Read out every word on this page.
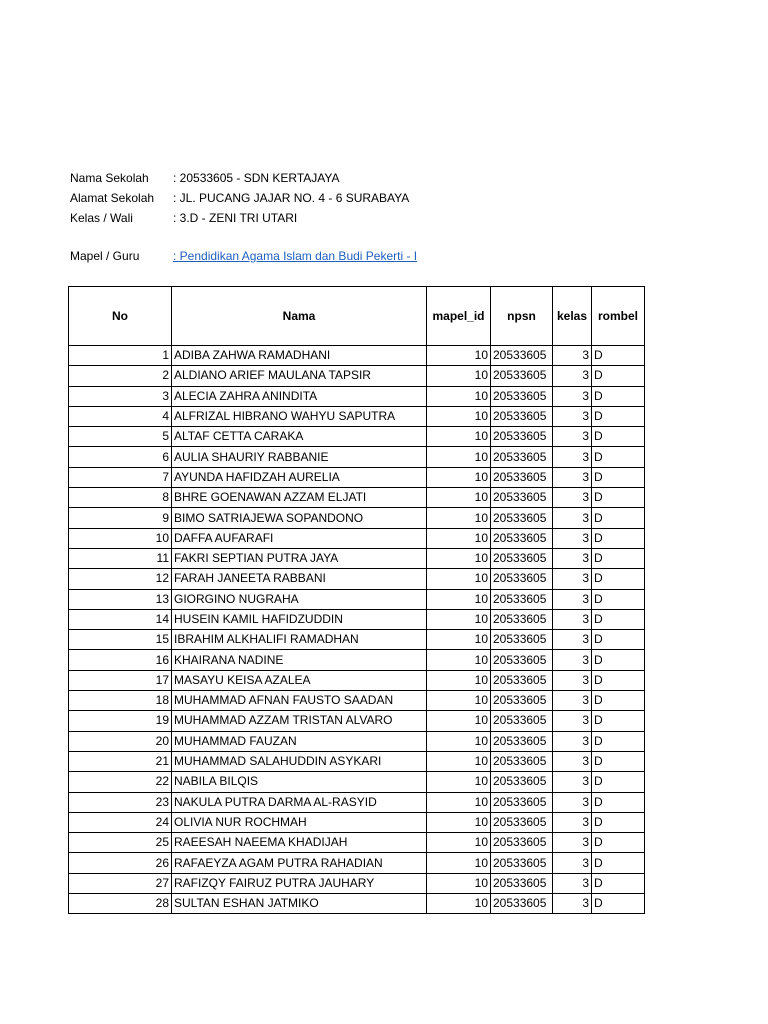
Nama Sekolah : 20533605 - SDN KERTAJAYA
Alamat Sekolah : JL. PUCANG JAJAR NO. 4 - 6 SURABAYA
Kelas / Wali	: 3.D - ZENI TRI UTARI
Mapel / Guru	: Pendidikan Agama Islam dan Budi Pekerti - I
No	Nama	mapel_id	npsn	kelas	rombel
1	ADIBA ZAHWA RAMADHANI	10	20533605	3	D
2	ALDIANO ARIEF MAULANA TAPSIR	10	20533605	3	D
3	ALECIA ZAHRA ANINDITA	10	20533605	3	D
4	ALFRIZAL HIBRANO WAHYU SAPUTRA	10	20533605	3	D
5	ALTAF CETTA CARAKA	10	20533605	3	D
6	AULIA SHAURIY RABBANIE	10	20533605	3	D
7	AYUNDA HAFIDZAH AURELIA	10	20533605	3	D
8	BHRE GOENAWAN AZZAM ELJATI	10	20533605	3	D
9	BIMO SATRIAJEWA SOPANDONO	10	20533605	3	D
10	DAFFA AUFARAFI	10	20533605	3	D
11	FAKRI SEPTIAN PUTRA JAYA	10	20533605	3	D
12	FARAH JANEETA RABBANI	10	20533605	3	D
13	GIORGINO NUGRAHA	10	20533605	3	D
14	HUSEIN KAMIL HAFIDZUDDIN	10	20533605	3	D
15	IBRAHIM ALKHALIFI RAMADHAN	10	20533605	3	D
16	KHAIRANA NADINE	10	20533605	3	D
17	MASAYU KEISA AZALEA	10	20533605	3	D
18	MUHAMMAD AFNAN FAUSTO SAADAN	10	20533605	3	D
19	MUHAMMAD AZZAM TRISTAN ALVARO	10	20533605	3	D
20	MUHAMMAD FAUZAN	10	20533605	3	D
21	MUHAMMAD SALAHUDDIN ASYKARI	10	20533605	3	D
22	NABILA BILQIS	10	20533605	3	D
23	NAKULA PUTRA DARMA AL-RASYID	10	20533605	3	D
24	OLIVIA NUR ROCHMAH	10	20533605	3	D
25	RAEESAH NAEEMA KHADIJAH	10	20533605	3	D
26	RAFAEYZA AGAM PUTRA RAHADIAN	10	20533605	3	D
27	RAFIZQY FAIRUZ PUTRA JAUHARY	10	20533605	3	D
28	SULTAN ESHAN JATMIKO	10	20533605	3	D
